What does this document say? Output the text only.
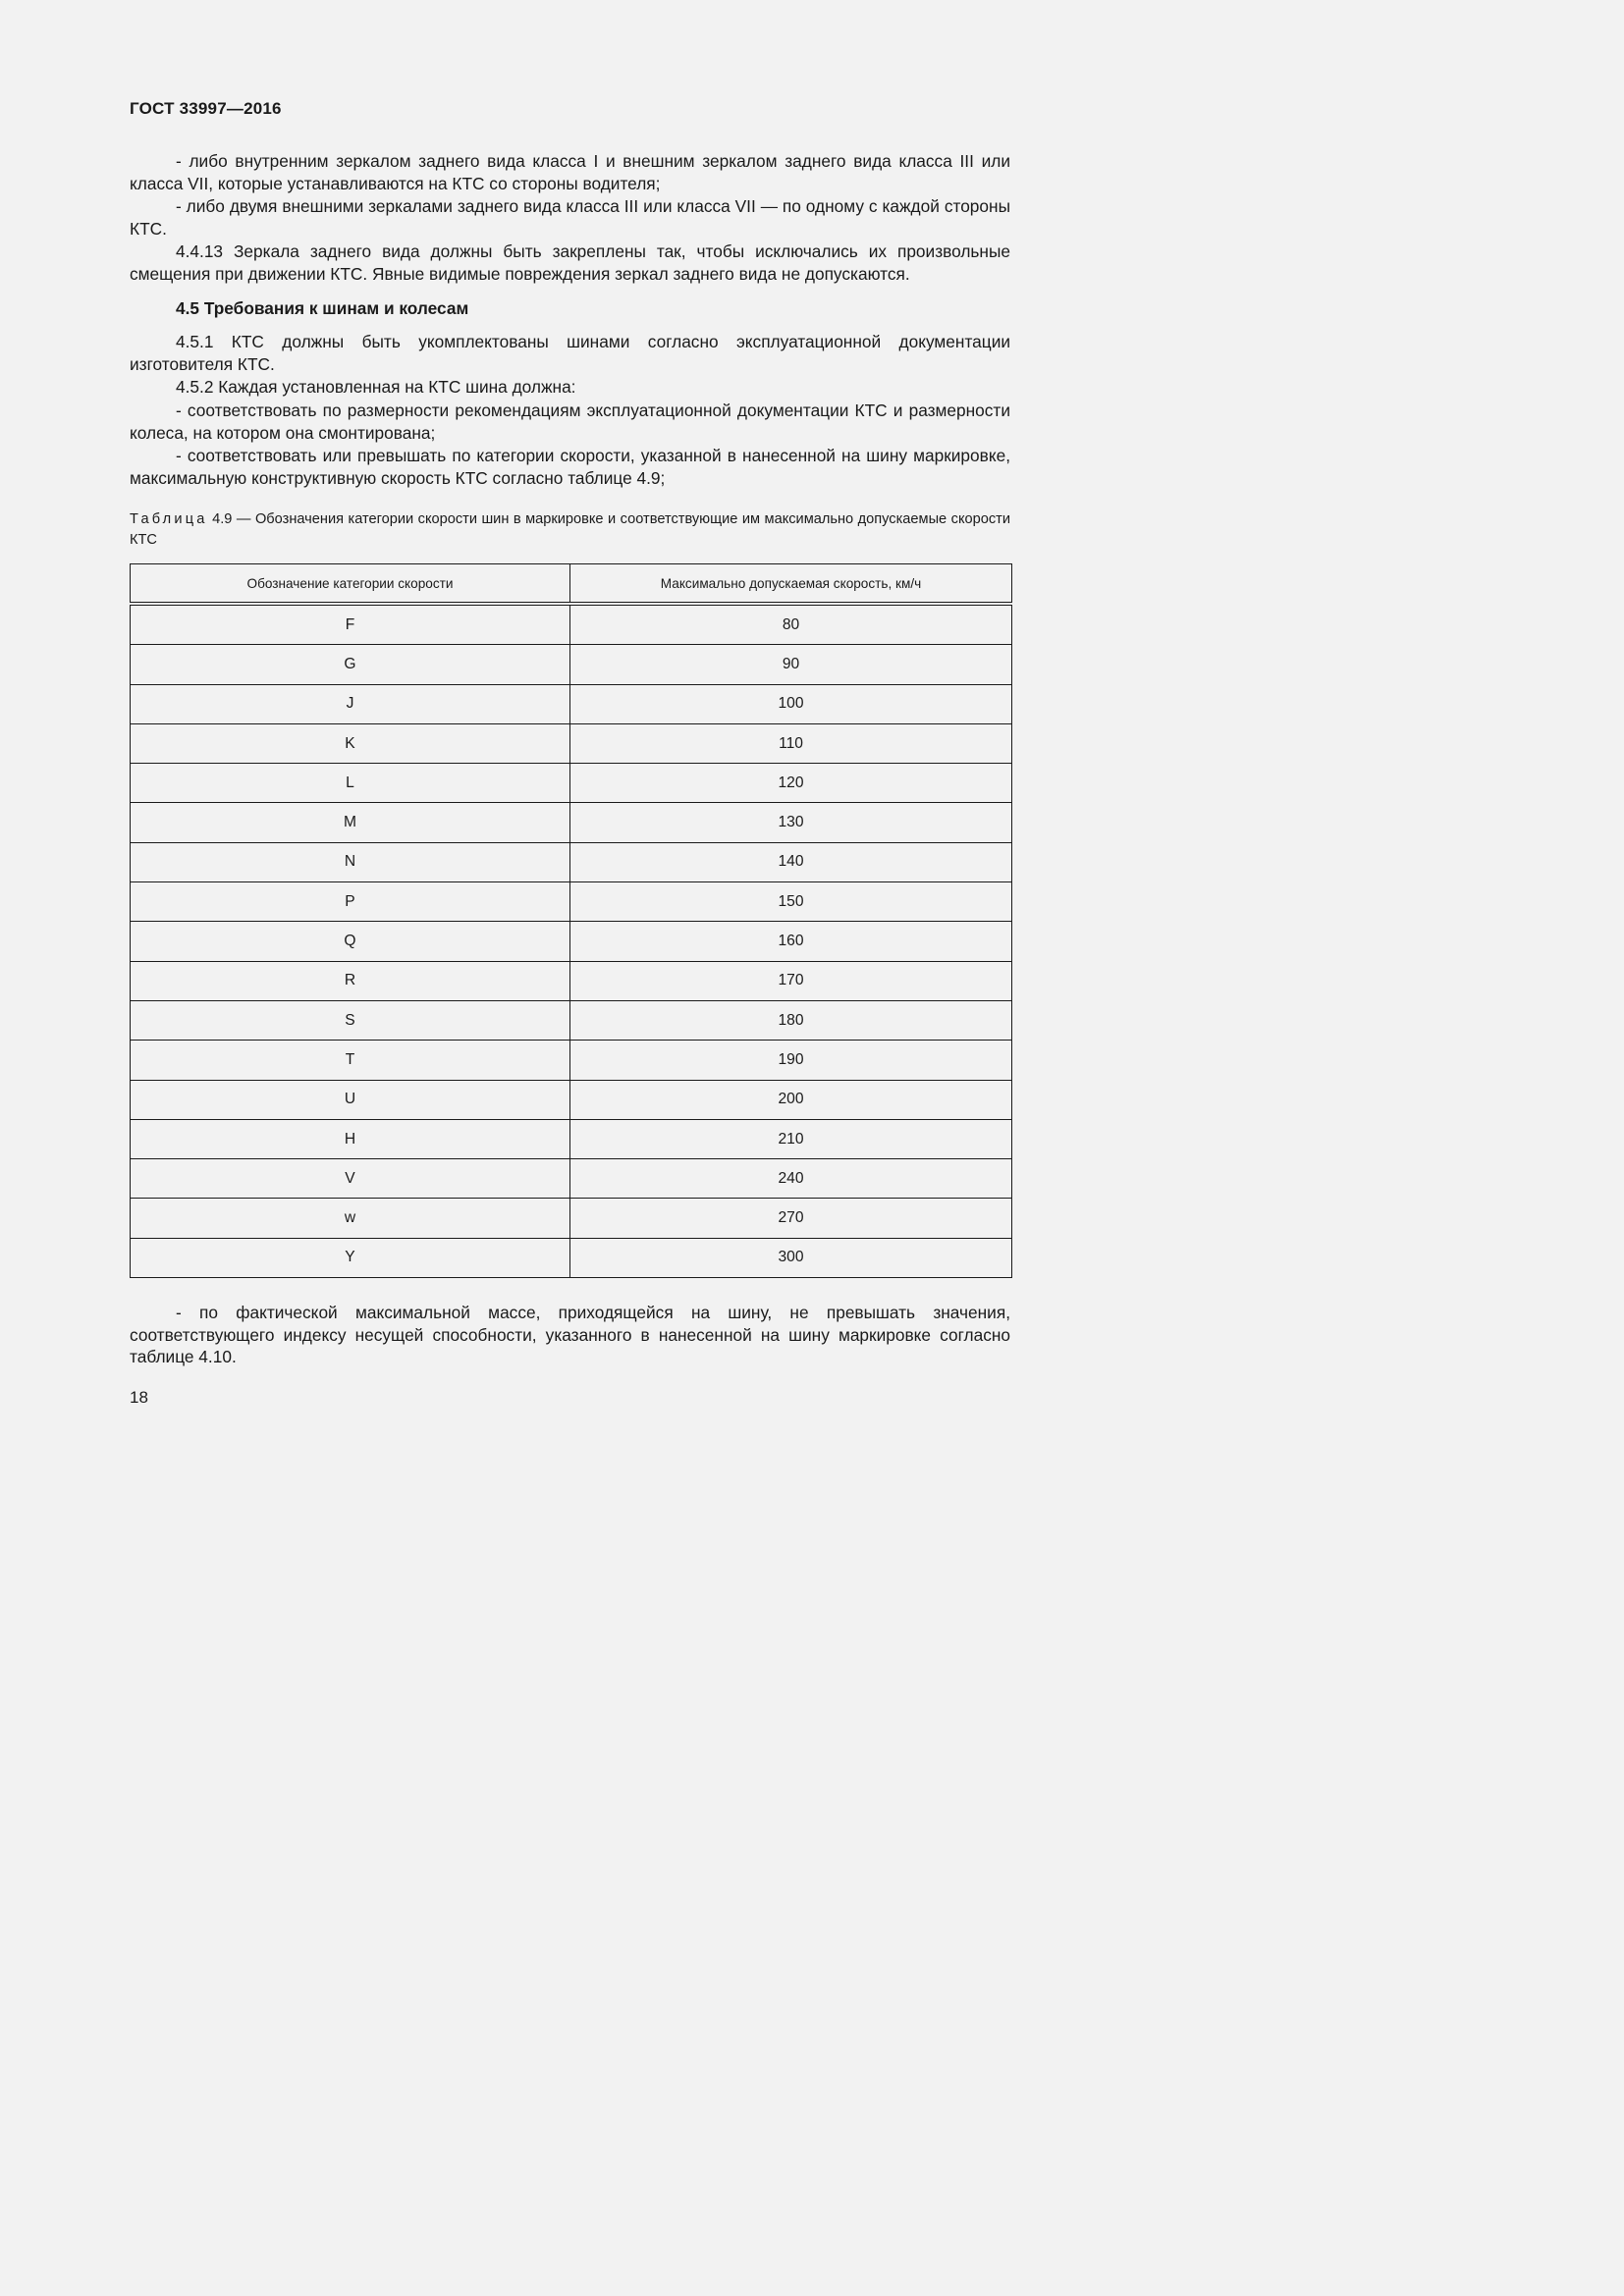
ГОСТ 33997—2016

- либо внутренним зеркалом заднего вида класса I и внешним зеркалом заднего вида класса III или класса VII, которые устанавливаются на КТС со стороны водителя;

- либо двумя внешними зеркалами заднего вида класса III или класса VII — по одному с каждой стороны КТС.

4.4.13 Зеркала заднего вида должны быть закреплены так, чтобы исключались их произвольные смещения при движении КТС. Явные видимые повреждения зеркал заднего вида не допускаются.

4.5 Требования к шинам и колесам

4.5.1 КТС должны быть укомплектованы шинами согласно эксплуатационной документации изготовителя КТС.

4.5.2 Каждая установленная на КТС шина должна:

- соответствовать по размерности рекомендациям эксплуатационной документации КТС и размерности колеса, на котором она смонтирована;

- соответствовать или превышать по категории скорости, указанной в нанесенной на шину маркировке, максимальную конструктивную скорость КТС согласно таблице 4.9;

Таблица 4.9 — Обозначения категории скорости шин в маркировке и соответствующие им максимально допускаемые скорости КТС
Обозначение категории скорости	Максимально допускаемая скорость, км/ч
F	80
G	90
J	100
K	110
L	120
M	130
N	140
P	150
Q	160
R	170
S	180
T	190
U	200
H	210
V	240
w	270
Y	300

- по фактической максимальной массе, приходящейся на шину, не превышать значения, соответствующего индексу несущей способности, указанного в нанесенной на шину маркировке согласно таблице 4.10.

18
